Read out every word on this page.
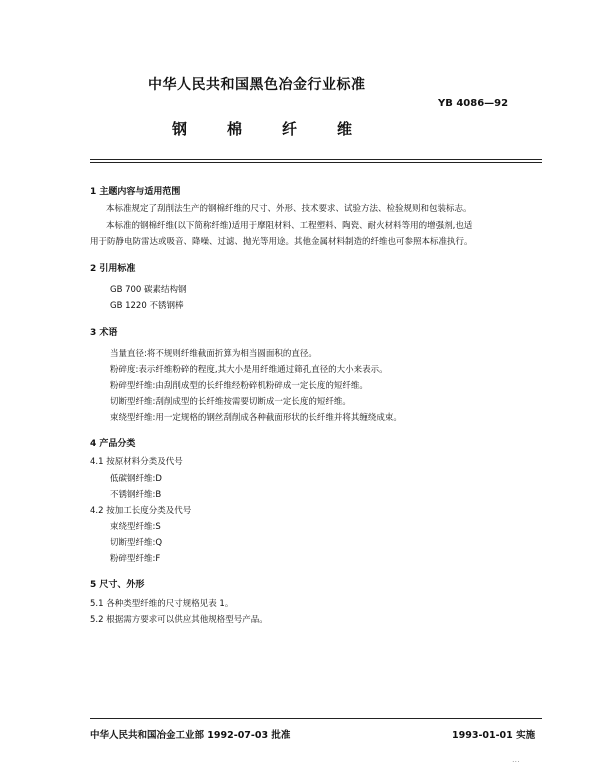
中华人民共和国黑色冶金行业标准
YB 4086—92
钢	棉	纤	维
1 主题内容与适用范围
本标准规定了刮削法生产的钢棉纤维的尺寸、外形、技术要求、试验方法、检验规则和包装标志。
本标准的钢棉纤维(以下简称纤维)适用于摩阻材料、工程塑料、陶瓷、耐火材料等用的增强剂,也适
用于防静电防雷达或吸音、降噪、过滤、抛光等用途。其他金属材料制造的纤维也可参照本标准执行。
2 引用标准
GB 700 碳素结构钢
GB 1220 不锈钢棒
3 术语
当量直径:将不规则纤维截面折算为相当圆面积的直径。
粉碎度:表示纤维粉碎的程度,其大小是用纤维通过筛孔直径的大小来表示。
粉碎型纤维:由刮削成型的长纤维经粉碎机粉碎成一定长度的短纤维。
切断型纤维:刮削成型的长纤维按需要切断成一定长度的短纤维。
束绕型纤维:用一定规格的钢丝刮削成各种截面形状的长纤维并将其缠绕成束。
4 产品分类
4.1 按原材料分类及代号
低碳钢纤维:D
不锈钢纤维:B
4.2 按加工长度分类及代号
束绕型纤维:S
切断型纤维:Q
粉碎型纤维:F
5 尺寸、外形
5.1 各种类型纤维的尺寸规格见表 1。
5.2 根据需方要求可以供应其他规格型号产品。
中华人民共和国冶金工业部 1992-07-03 批准	1993-01-01 实施
...
